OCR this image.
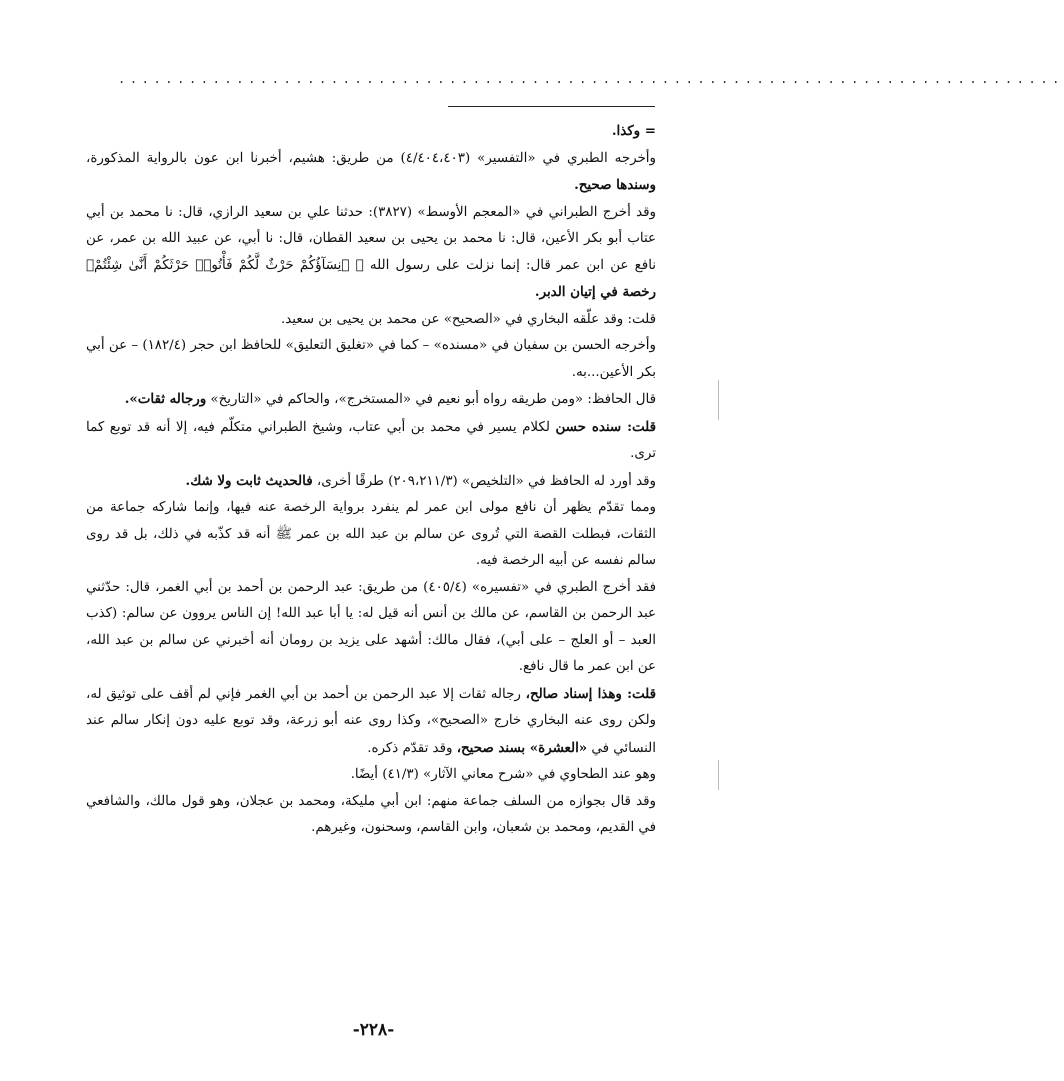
................................................................................

= وكذا.

وأخرجه الطبري في «التفسير» (٤/٤٠٤،٤٠٣) من طريق: هشيم، أخبرنا ابن عون بالرواية المذكورة، وسندها صحيح.

وقد أخرج الطبراني في «المعجم الأوسط» (٣٨٢٧): حدثنا علي بن سعيد الرازي، قال: نا محمد بن أبي عتاب أبو بكر الأعين، قال: نا محمد بن يحيى بن سعيد القطان، قال: نا أبي، عن عبيد الله بن عمر، عن نافع عن ابن عمر قال: إنما نزلت على رسول الله ﷺ ﴿نِسَآؤُكُمْ حَرْثٌ لَّكُمْ فَأْتُوا۟ حَرْثَكُمْ أَنَّىٰ شِئْتُمْ﴾ رخصة في إتيان الدبر.

قلت: وقد علّقه البخاري في «الصحيح» عن محمد بن يحيى بن سعيد.

وأخرجه الحسن بن سفيان في «مسنده» – كما في «تغليق التعليق» للحافظ ابن حجر (١٨٢/٤) – عن أبي بكر الأعين...به.

قال الحافظ: «ومن طريقه رواه أبو نعيم في «المستخرج»، والحاكم في «التاريخ» ورجاله ثقات».

قلت: سنده حسن لكلام يسير في محمد بن أبي عتاب، وشيخ الطبراني متكلّم فيه، إلا أنه قد توبع كما ترى.

وقد أورد له الحافظ في «التلخيص» (٢٠٩،٢١١/٣) طرقًا أخرى، فالحديث ثابت ولا شك.

ومما تقدّم يظهر أن نافع مولى ابن عمر لم ينفرد برواية الرخصة عنه فيها، وإنما شاركه جماعة من الثقات، فبطلت القصة التي تُروى عن سالم بن عبد الله بن عمر ﷺ أنه قد كذّبه في ذلك، بل قد روى سالم نفسه عن أبيه الرخصة فيه.

فقد أخرج الطبري في «تفسيره» (٤٠٥/٤) من طريق: عبد الرحمن بن أحمد بن أبي الغمر، قال: حدّثني عبد الرحمن بن القاسم، عن مالك بن أنس أنه قيل له: يا أبا عبد الله! إن الناس يروون عن سالم: (كذب العبد – أو العلج – على أبي)، فقال مالك: أشهد على يزيد بن رومان أنه أخبرني عن سالم بن عبد الله، عن ابن عمر ما قال نافع.

قلت: وهذا إسناد صالح، رجاله ثقات إلا عبد الرحمن بن أحمد بن أبي الغمر فإني لم أقف على توثيق له، ولكن روى عنه البخاري خارج «الصحيح»، وكذا روى عنه أبو زرعة، وقد توبع عليه دون إنكار سالم عند النسائي في «العشرة» بسند صحيح، وقد تقدّم ذكره.

وهو عند الطحاوي في «شرح معاني الآثار» (٤١/٣) أيضًا.

وقد قال بجوازه من السلف جماعة منهم: ابن أبي مليكة، ومحمد بن عجلان، وهو قول مالك، والشافعي في القديم، ومحمد بن شعبان، وابن القاسم، وسحنون، وغيرهم.

-٢٢٨-
